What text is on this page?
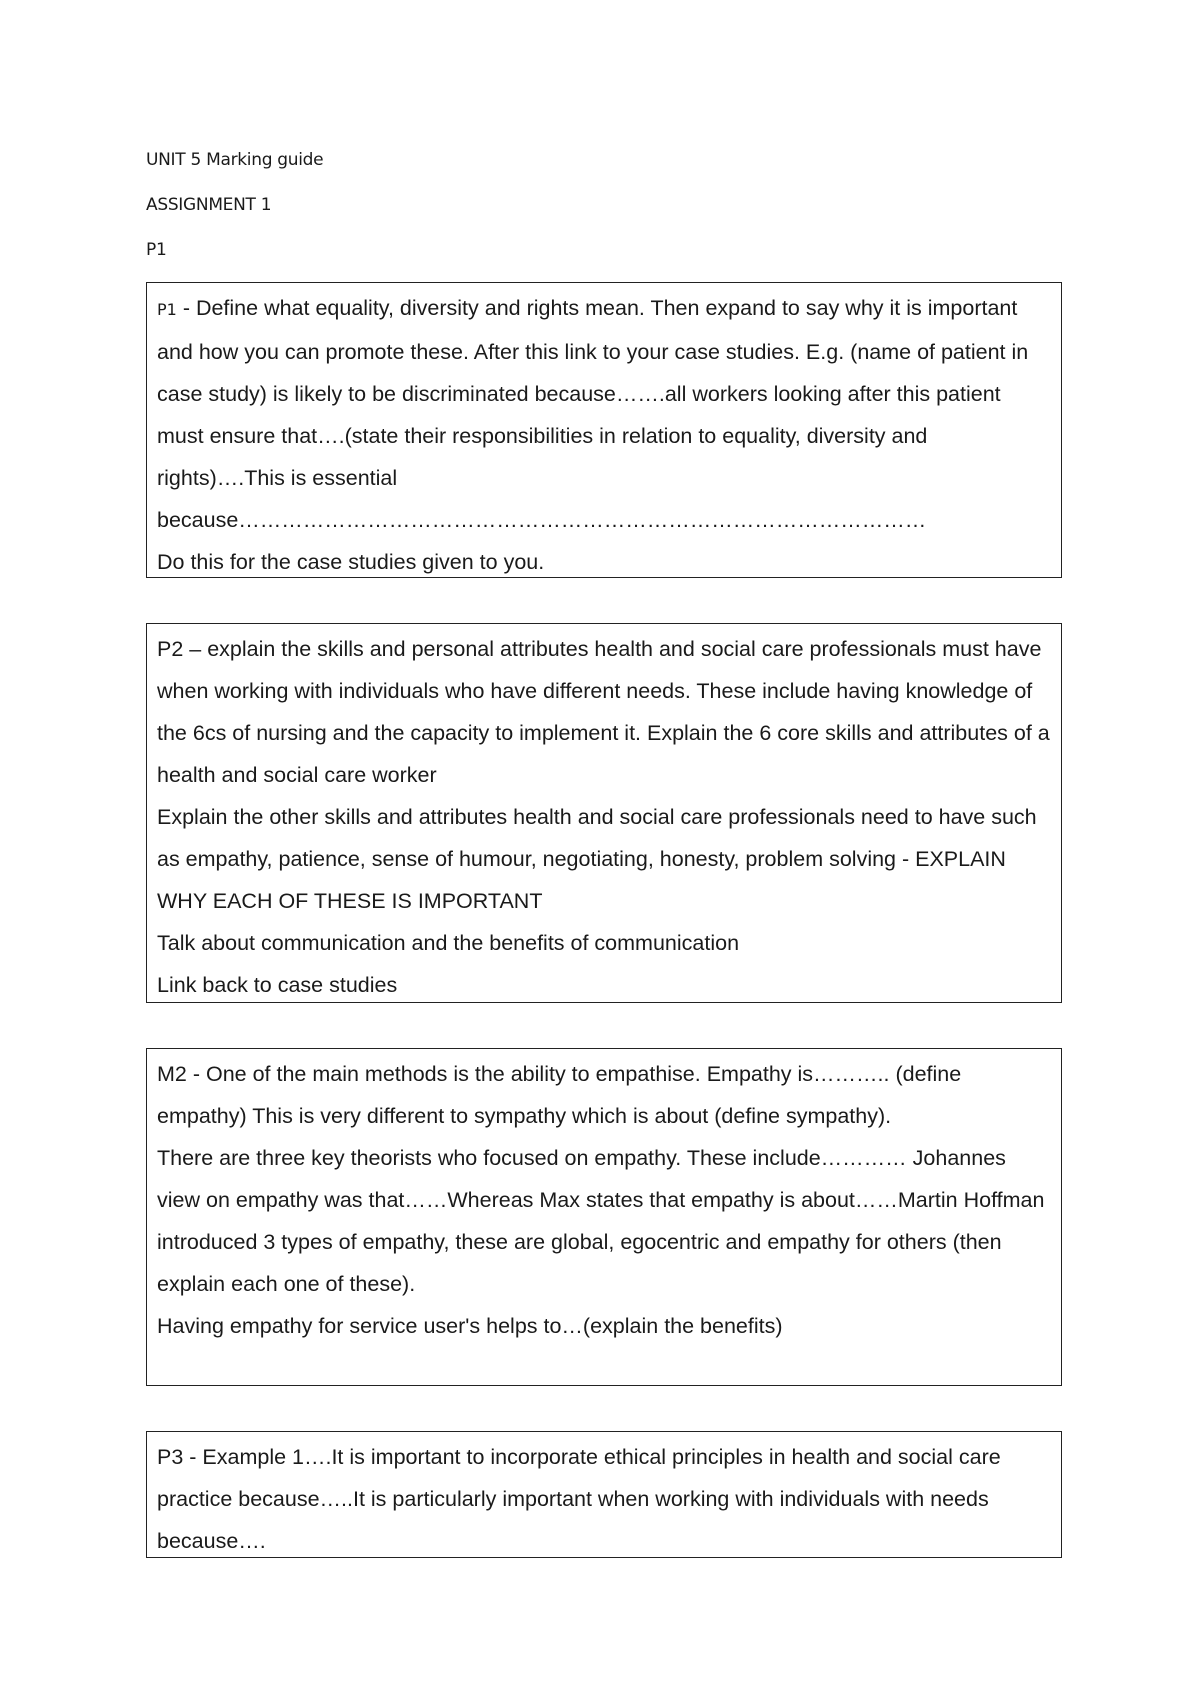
UNIT 5 Marking guide
ASSIGNMENT 1
P1

P1 - Define what equality, diversity and rights mean. Then expand to say why it is important and how you can promote these. After this link to your case studies. E.g. (name of patient in case study) is likely to be discriminated because…….all workers looking after this patient must ensure that….(state their responsibilities in relation to equality, diversity and rights)….This is essential because……………………………………………………………………………………

Do this for the case studies given to you.

P2 – explain the skills and personal attributes health and social care professionals must have when working with individuals who have different needs. These include having knowledge of the 6cs of nursing and the capacity to implement it. Explain the 6 core skills and attributes of a health and social care worker

Explain the other skills and attributes health and social care professionals need to have such as empathy, patience, sense of humour, negotiating, honesty, problem solving - EXPLAIN WHY EACH OF THESE IS IMPORTANT

Talk about communication and the benefits of communication

Link back to case studies

M2 - One of the main methods is the ability to empathise. Empathy is……….. (define empathy) This is very different to sympathy which is about (define sympathy).

There are three key theorists who focused on empathy. These include………… Johannes view on empathy was that……Whereas Max states that empathy is about……Martin Hoffman introduced 3 types of empathy, these are global, egocentric and empathy for others (then explain each one of these).

Having empathy for service user's helps to…(explain the benefits)

P3 - Example 1….It is important to incorporate ethical principles in health and social care practice because…..It is particularly important when working with individuals with needs because….
